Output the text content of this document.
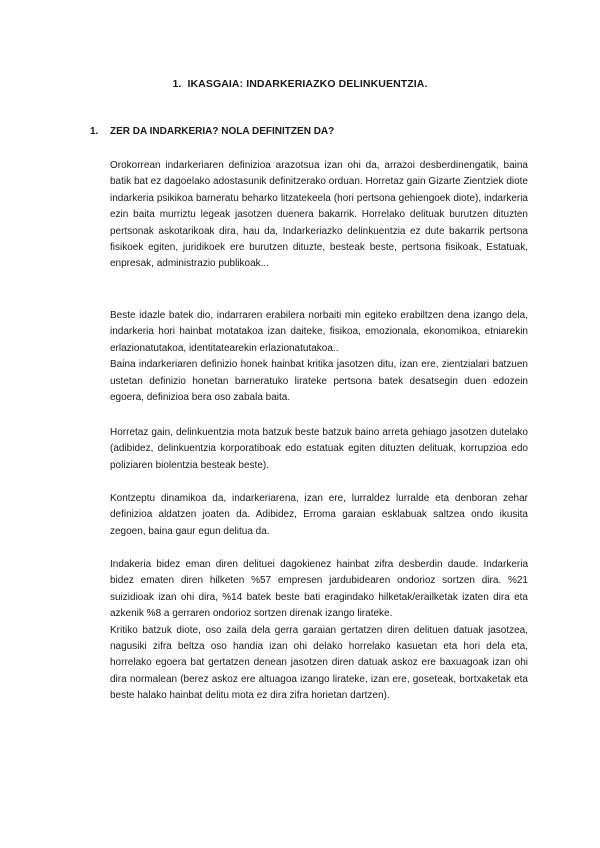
1. IKASGAIA: INDARKERIAZKO DELINKUENTZIA.
1. ZER DA INDARKERIA? NOLA DEFINITZEN DA?

Orokorrean indarkeriaren definizioa arazotsua izan ohi da, arrazoi desberdinengatik, baina batik bat ez dagoelako adostasunik definitzerako orduan. Horretaz gain Gizarte Zientziek diote indarkeria psikikoa barneratu beharko litzatekeela (hori pertsona gehiengoek diote), indarkeria ezin baita murriztu legeak jasotzen duenera bakarrik. Horrelako delituak burutzen dituzten pertsonak askotarikoak dira, hau da, Indarkeriazko delinkuentzia ez dute bakarrik pertsona fisikoek egiten, juridikoek ere burutzen dituzte, besteak beste, pertsona fisikoak, Estatuak, enpresak, administrazio publikoak...

Beste idazle batek dio, indarraren erabilera norbaiti min egiteko erabiltzen dena izango dela, indarkeria hori hainbat motatakoa izan daiteke, fisikoa, emozionala, ekonomikoa, etniarekin erlazionatutakoa, identitatearekin erlazionatutakoa..

Baina indarkeriaren definizio honek hainbat kritika jasotzen ditu, izan ere, zientzialari batzuen ustetan definizio honetan barneratuko lirateke pertsona batek desatsegin duen edozein egoera, definizioa bera oso zabala baita.

Horretaz gain, delinkuentzia mota batzuk beste batzuk baino arreta gehiago jasotzen dutelako (adibidez, delinkuentzia korporatiboak edo estatuak egiten dituzten delituak, korrupzioa edo poliziaren biolentzia besteak beste).

Kontzeptu dinamikoa da, indarkeriarena, izan ere, lurraldez lurralde eta denboran zehar definizioa aldatzen joaten da. Adibidez, Erroma garaian esklabuak saltzea ondo ikusita zegoen, baina gaur egun delitua da.

Indakeria bidez eman diren delituei dagokienez hainbat zifra desberdin daude. Indarkeria bidez ematen diren hilketen %57 empresen jardubidearen ondorioz sortzen dira. %21 suizidioak izan ohi dira, %14 batek beste bati eragindako hilketak/erailketak izaten dira eta azkenik %8 a gerraren ondorioz sortzen direnak izango lirateke.

Kritiko batzuk diote, oso zaila dela gerra garaian gertatzen diren delituen datuak jasotzea, nagusiki zifra beltza oso handia izan ohi delako horrelako kasuetan eta hori dela eta, horrelako egoera bat gertatzen denean jasotzen diren datuak askoz ere baxuagoak izan ohi dira normalean (berez askoz ere altuagoa izango lirateke, izan ere, goseteak, bortxaketak eta beste halako hainbat delitu mota ez dira zifra horietan dartzen).
